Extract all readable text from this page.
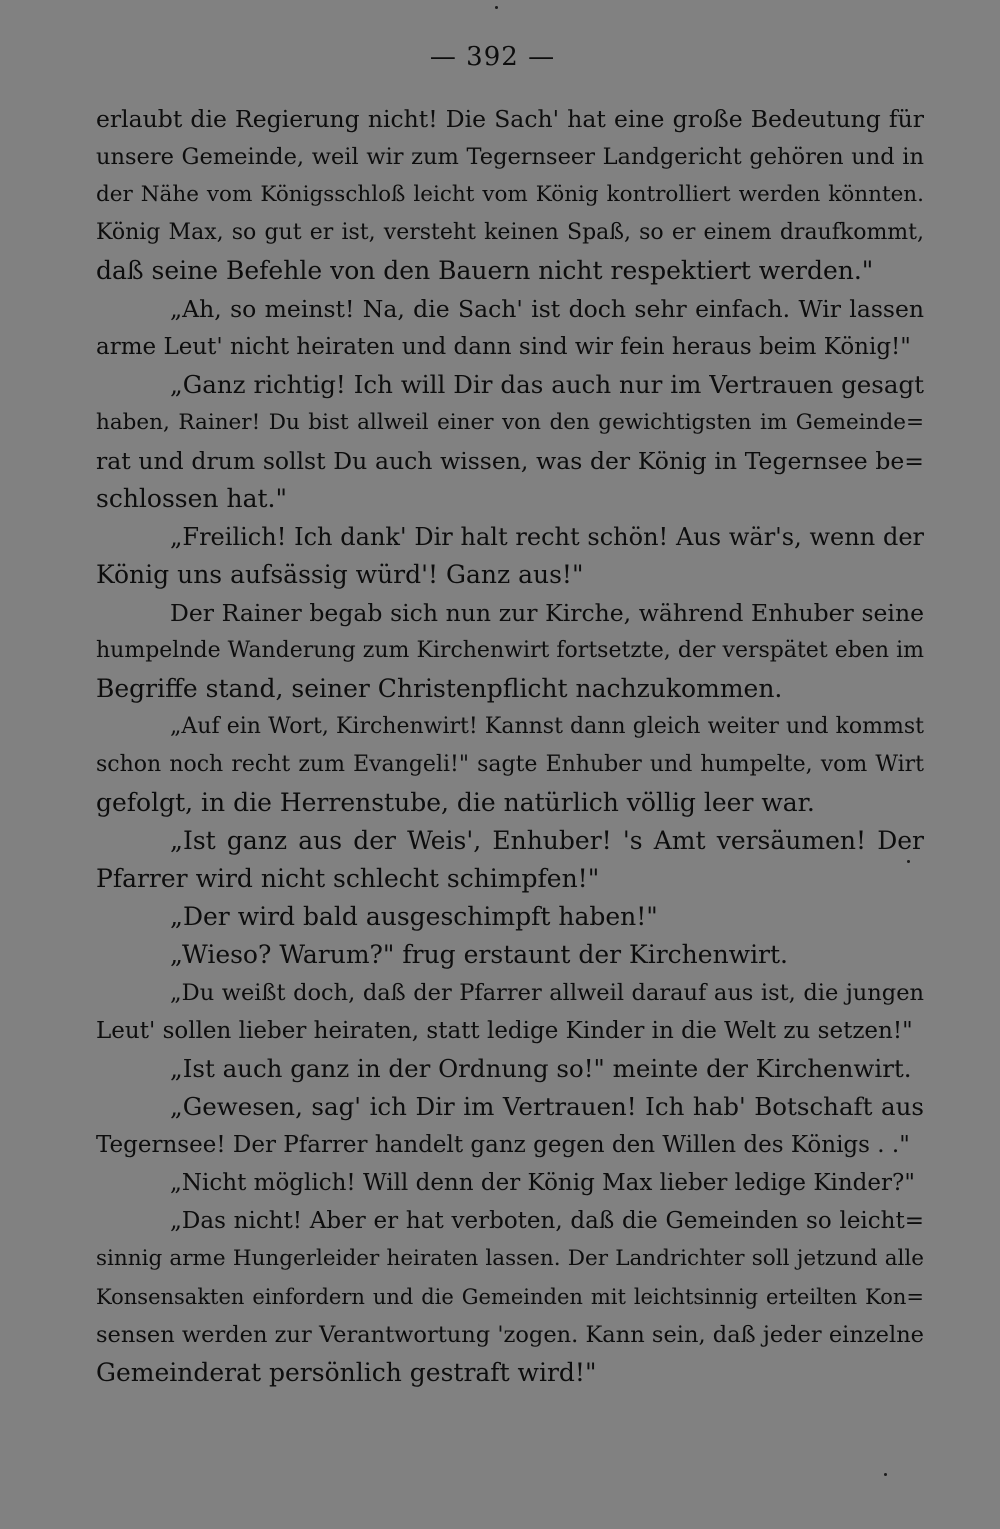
— 392 —
erlaubt die Regierung nicht! Die Sach' hat eine große Bedeutung für
unsere Gemeinde, weil wir zum Tegernseer Landgericht gehören und in
der Nähe vom Königsschloß leicht vom König kontrolliert werden könnten.
König Max, so gut er ist, versteht keinen Spaß, so er einem draufkommt,
daß seine Befehle von den Bauern nicht respektiert werden."
„Ah, so meinst! Na, die Sach' ist doch sehr einfach. Wir lassen
arme Leut' nicht heiraten und dann sind wir fein heraus beim König!"
„Ganz richtig! Ich will Dir das auch nur im Vertrauen gesagt
haben, Rainer! Du bist allweil einer von den gewichtigsten im Gemeinde=
rat und drum sollst Du auch wissen, was der König in Tegernsee be=
schlossen hat."
„Freilich! Ich dank' Dir halt recht schön! Aus wär's, wenn der
König uns aufsässig würd'! Ganz aus!"
Der Rainer begab sich nun zur Kirche, während Enhuber seine
humpelnde Wanderung zum Kirchenwirt fortsetzte, der verspätet eben im
Begriffe stand, seiner Christenpflicht nachzukommen.
„Auf ein Wort, Kirchenwirt! Kannst dann gleich weiter und kommst
schon noch recht zum Evangeli!" sagte Enhuber und humpelte, vom Wirt
gefolgt, in die Herrenstube, die natürlich völlig leer war.
„Ist ganz aus der Weis', Enhuber! 's Amt versäumen! Der
Pfarrer wird nicht schlecht schimpfen!"
„Der wird bald ausgeschimpft haben!"
„Wieso? Warum?" frug erstaunt der Kirchenwirt.
„Du weißt doch, daß der Pfarrer allweil darauf aus ist, die jungen
Leut' sollen lieber heiraten, statt ledige Kinder in die Welt zu setzen!"
„Ist auch ganz in der Ordnung so!" meinte der Kirchenwirt.
„Gewesen, sag' ich Dir im Vertrauen! Ich hab' Botschaft aus
Tegernsee! Der Pfarrer handelt ganz gegen den Willen des Königs . ."
„Nicht möglich! Will denn der König Max lieber ledige Kinder?"
„Das nicht! Aber er hat verboten, daß die Gemeinden so leicht=
sinnig arme Hungerleider heiraten lassen. Der Landrichter soll jetzund alle
Konsensakten einfordern und die Gemeinden mit leichtsinnig erteilten Kon=
sensen werden zur Verantwortung 'zogen. Kann sein, daß jeder einzelne
Gemeinderat persönlich gestraft wird!"
